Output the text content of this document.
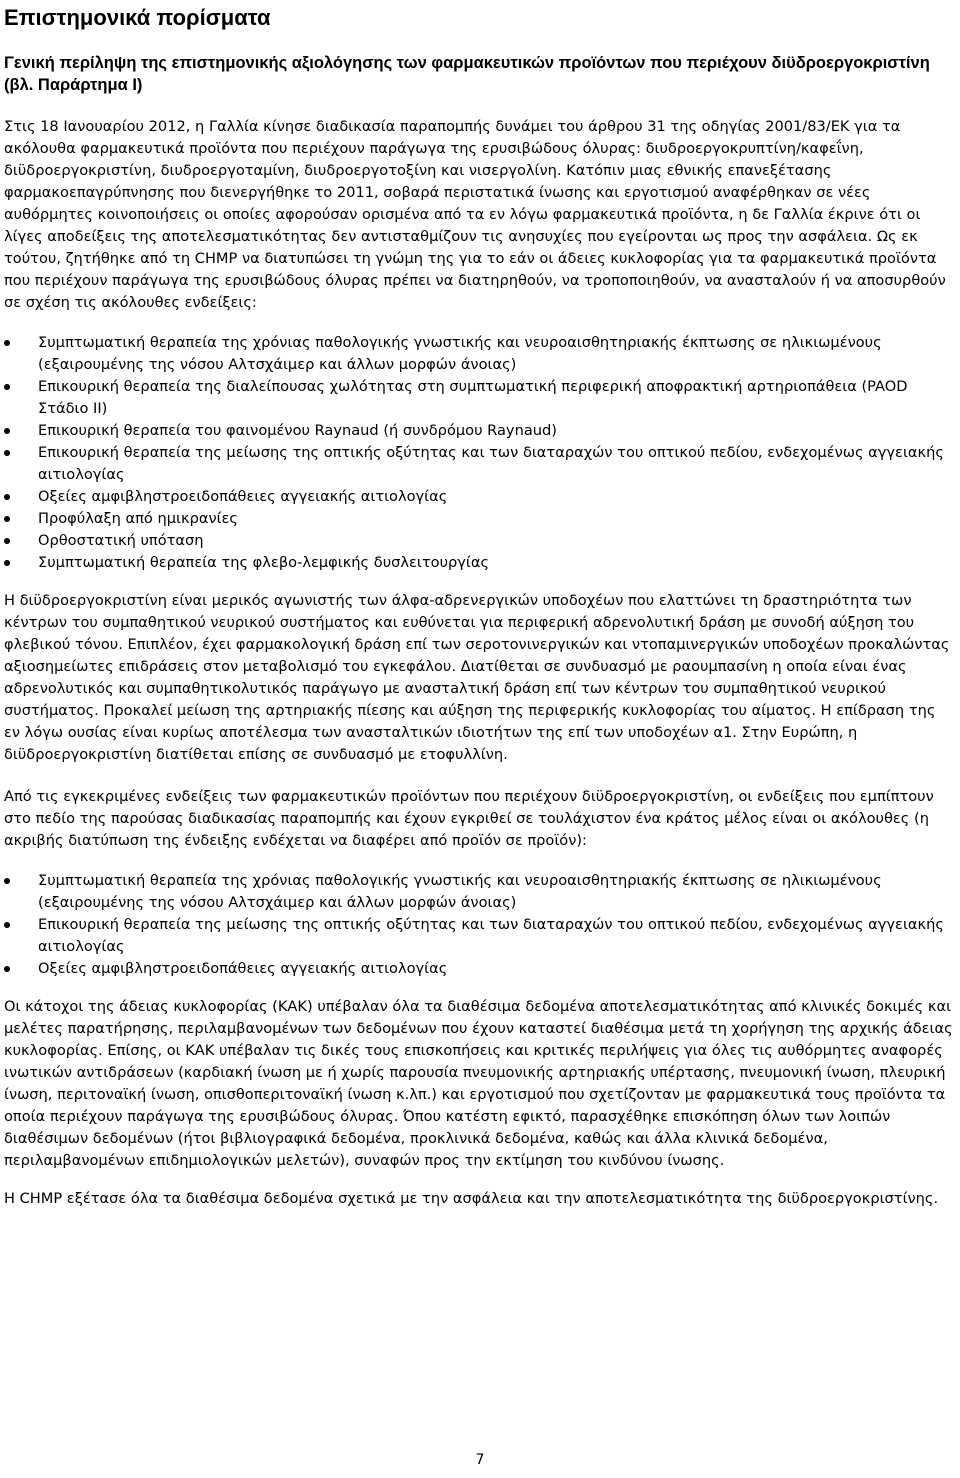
Επιστημονικά πορίσματα
Γενική περίληψη της επιστημονικής αξιολόγησης των φαρμακευτικών προϊόντων που περιέχουν διϋδροεργοκριστίνη (βλ. Παράρτημα Ι)

Στις 18 Ιανουαρίου 2012, η Γαλλία κίνησε διαδικασία παραπομπής δυνάμει του άρθρου 31 της οδηγίας 2001/83/ΕΚ για τα ακόλουθα φαρμακευτικά προϊόντα που περιέχουν παράγωγα της ερυσιβώδους όλυρας: διυδροεργοκρυπτίνη/καφεΐνη, διϋδροεργοκριστίνη, διυδροεργοταμίνη, διυδροεργοτοξίνη και νισεργολίνη. Κατόπιν μιας εθνικής επανεξέτασης φαρμακοεπαγρύπνησης που διενεργήθηκε το 2011, σοβαρά περιστατικά ίνωσης και εργοτισμού αναφέρθηκαν σε νέες αυθόρμητες κοινοποιήσεις οι οποίες αφορούσαν ορισμένα από τα εν λόγω φαρμακευτικά προϊόντα, η δε Γαλλία έκρινε ότι οι λίγες αποδείξεις της αποτελεσματικότητας δεν αντισταθμίζουν τις ανησυχίες που εγείρονται ως προς την ασφάλεια. Ως εκ τούτου, ζητήθηκε από τη CHMP να διατυπώσει τη γνώμη της για το εάν οι άδειες κυκλοφορίας για τα φαρμακευτικά προϊόντα που περιέχουν παράγωγα της ερυσιβώδους όλυρας πρέπει να διατηρηθούν, να τροποποιηθούν, να ανασταλούν ή να αποσυρθούν σε σχέση τις ακόλουθες ενδείξεις:

Συμπτωματική θεραπεία της χρόνιας παθολογικής γνωστικής και νευροαισθητηριακής έκπτωσης σε ηλικιωμένους (εξαιρουμένης της νόσου Αλτσχάιμερ και άλλων μορφών άνοιας)
Επικουρική θεραπεία της διαλείπουσας χωλότητας στη συμπτωματική περιφερική αποφρακτική αρτηριοπάθεια (PAOD Στάδιο ΙΙ)
Επικουρική θεραπεία του φαινομένου Raynaud (ή συνδρόμου Raynaud)
Επικουρική θεραπεία της μείωσης της οπτικής οξύτητας και των διαταραχών του οπτικού πεδίου, ενδεχομένως αγγειακής αιτιολογίας
Οξείες αμφιβληστροειδοπάθειες αγγειακής αιτιολογίας
Προφύλαξη από ημικρανίες
Ορθοστατική υπόταση
Συμπτωματική θεραπεία της φλεβο-λεμφικής δυσλειτουργίας

Η διϋδροεργοκριστίνη είναι μερικός αγωνιστής των άλφα-αδρενεργικών υποδοχέων που ελαττώνει τη δραστηριότητα των κέντρων του συμπαθητικού νευρικού συστήματος και ευθύνεται για περιφερική αδρενολυτική δράση με συνοδή αύξηση του φλεβικού τόνου. Επιπλέον, έχει φαρμακολογική δράση επί των σεροτονινεργικών και ντοπαμινεργικών υποδοχέων προκαλώντας αξιοσημείωτες επιδράσεις στον μεταβολισμό του εγκεφάλου. Διατίθεται σε συνδυασμό με ραουμπασίνη η οποία είναι ένας αδρενολυτικός και συμπαθητικολυτικός παράγωγο με αναστaλτική δράση επί των κέντρων του συμπαθητικού νευρικού συστήματος. Προκαλεί μείωση της αρτηριακής πίεσης και αύξηση της περιφερικής κυκλοφορίας του αίματος. Η επίδραση της εν λόγω ουσίας είναι κυρίως αποτέλεσμα των ανασταλτικών ιδιοτήτων της επί των υποδοχέων α1. Στην Ευρώπη, η διϋδροεργοκριστίνη διατίθεται επίσης σε συνδυασμό με ετοφυλλίνη.

Από τις εγκεκριμένες ενδείξεις των φαρμακευτικών προϊόντων που περιέχουν διϋδροεργοκριστίνη, οι ενδείξεις που εμπίπτουν στο πεδίο της παρούσας διαδικασίας παραπομπής και έχουν εγκριθεί σε τουλάχιστον ένα κράτος μέλος είναι οι ακόλουθες (η ακριβής διατύπωση της ένδειξης ενδέχεται να διαφέρει από προϊόν σε προϊόν):

Συμπτωματική θεραπεία της χρόνιας παθολογικής γνωστικής και νευροαισθητηριακής έκπτωσης σε ηλικιωμένους (εξαιρουμένης της νόσου Αλτσχάιμερ και άλλων μορφών άνοιας)
Επικουρική θεραπεία της μείωσης της οπτικής οξύτητας και των διαταραχών του οπτικού πεδίου, ενδεχομένως αγγειακής αιτιολογίας
Οξείες αμφιβληστροειδοπάθειες αγγειακής αιτιολογίας

Οι κάτοχοι της άδειας κυκλοφορίας (ΚΑΚ) υπέβαλαν όλα τα διαθέσιμα δεδομένα αποτελεσματικότητας από κλινικές δοκιμές και μελέτες παρατήρησης, περιλαμβανομένων των δεδομένων που έχουν καταστεί διαθέσιμα μετά τη χορήγηση της αρχικής άδειας κυκλοφορίας. Επίσης, οι ΚΑΚ υπέβαλαν τις δικές τους επισκοπήσεις και κριτικές περιλήψεις για όλες τις αυθόρμητες αναφορές ινωτικών αντιδράσεων (καρδιακή ίνωση με ή χωρίς παρουσία πνευμονικής αρτηριακής υπέρτασης, πνευμονική ίνωση, πλευρική ίνωση, περιτοναϊκή ίνωση, οπισθοπεριτοναϊκή ίνωση κ.λπ.) και εργοτισμού που σχετίζονταν με φαρμακευτικά τους προϊόντα τα οποία περιέχουν παράγωγα της ερυσιβώδους όλυρας. Όπου κατέστη εφικτό, παρασχέθηκε επισκόπηση όλων των λοιπών διαθέσιμων δεδομένων (ήτοι βιβλιογραφικά δεδομένα, προκλινικά δεδομένα, καθώς και άλλα κλινικά δεδομένα, περιλαμβανομένων επιδημιολογικών μελετών), συναφών προς την εκτίμηση του κινδύνου ίνωσης.

Η CHMP εξέτασε όλα τα διαθέσιμα δεδομένα σχετικά με την ασφάλεια και την αποτελεσματικότητα της διϋδροεργοκριστίνης.

7
